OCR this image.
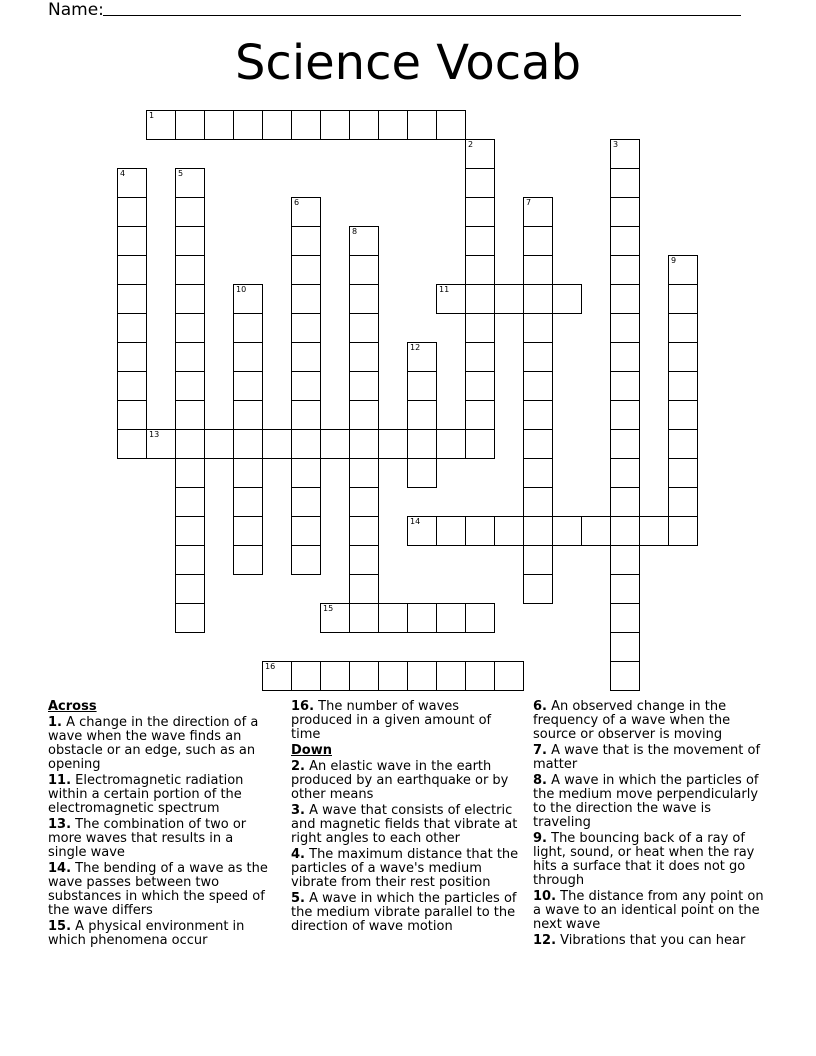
Name:
Science Vocab
1
2	3
4	5
6	7
8
9
10	11
12
13
14
15
16
Across
1. A change in the direction of a wave when the wave finds an obstacle or an edge, such as an opening
11. Electromagnetic radiation within a certain portion of the electromagnetic spectrum
13. The combination of two or more waves that results in a single wave
14. The bending of a wave as the wave passes between two substances in which the speed of the wave differs
15. A physical environment in which phenomena occur
16. The number of waves produced in a given amount of time
Down
2. An elastic wave in the earth produced by an earthquake or by other means
3. A wave that consists of electric and magnetic fields that vibrate at right angles to each other
4. The maximum distance that the particles of a wave's medium vibrate from their rest position
5. A wave in which the particles of the medium vibrate parallel to the direction of wave motion
6. An observed change in the frequency of a wave when the source or observer is moving
7. A wave that is the movement of matter
8. A wave in which the particles of the medium move perpendicularly to the direction the wave is traveling
9. The bouncing back of a ray of light, sound, or heat when the ray hits a surface that it does not go through
10. The distance from any point on a wave to an identical point on the next wave
12. Vibrations that you can hear
